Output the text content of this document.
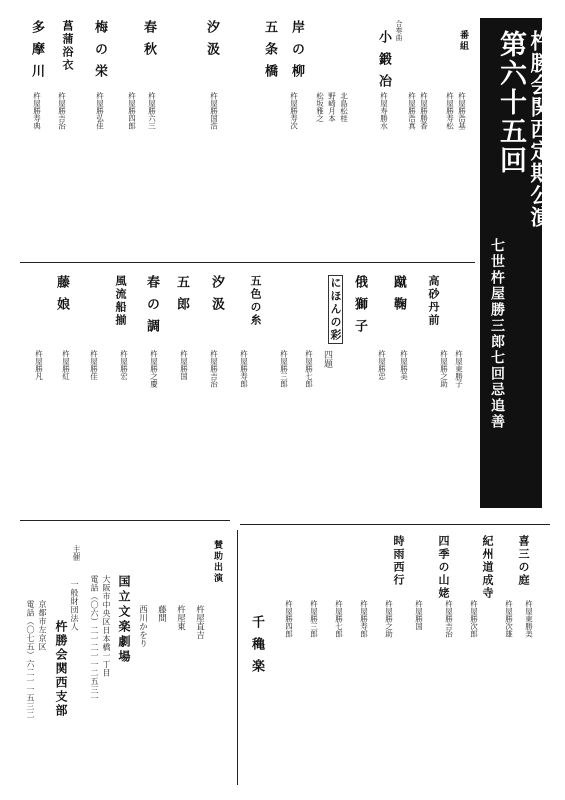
第六十五回 杵勝会関西定期公演
七世杵屋勝三郎七回忌追善
番組
合奏曲
小鍛冶
岸の柳
五条橋
汐汲
春秋
梅の栄
菖蒲浴衣
多摩川
杵屋勝浩基
杵屋勝寿松
杵屋勝勝香
杵屋勝浩真
杵屋寿勝水
北島松桂
野崎月本
松坂雅之
杵屋勝寿次
杵屋勝国浩
杵屋勝六三
杵屋勝四郎
杵屋勝弘佳
杵屋勝吉治
杵屋勝寿典
高砂丹前
蹴鞠
俄獅子
にほんの彩
四題
五色の糸
汐汲
五郎
春の調
風流船揃
藤娘
杵屋東勝子
杵屋勝之助
杵屋勝美
杵屋勝忠
杵屋勝七郎
杵屋勝三郎
杵屋勝寿郎
杵屋勝吉治
杵屋勝国
杵屋勝之慶
杵屋勝宏
杵屋勝佳
杵屋勝紅
杵屋勝凡
喜三の庭
紀州道成寺
四季の山姥
時雨西行
千穐楽	杵屋東勝美
杵屋勝次雄
杵屋勝次郎
杵屋勝吉治
杵屋勝国
杵屋勝之助
杵屋勝寿郎
杵屋勝七郎
杵屋勝三郎
杵屋勝四郎
賛助出演
杵屋直吉
杵屋東
藤間
西川かをり
国立文楽劇場
大阪市中央区日本橋一丁目
電話（〇六）二一二一一二五三一
主催
一般財団法人
杵勝会関西支部
京都市左京区
電話（〇七五）六二一一五三二
